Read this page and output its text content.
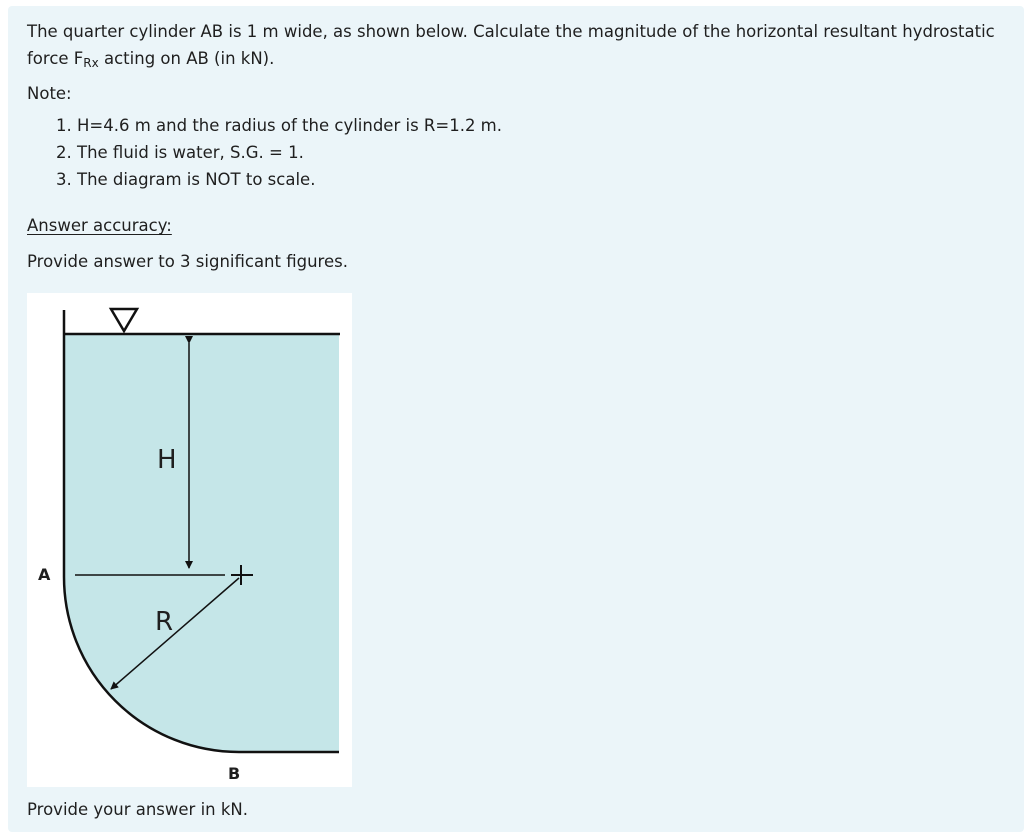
The quarter cylinder AB is 1 m wide, as shown below. Calculate the magnitude of the horizontal resultant hydrostatic force $F_{Rx}$ acting on AB (in kN).

Note:

1. H=4.6 m and the radius of the cylinder is R=1.2 m.
2. The fluid is water, S.G. = 1.
3. The diagram is NOT to scale.

Answer accuracy:

Provide answer to 3 significant figures.

H
R
A
B

Provide your answer in kN.
